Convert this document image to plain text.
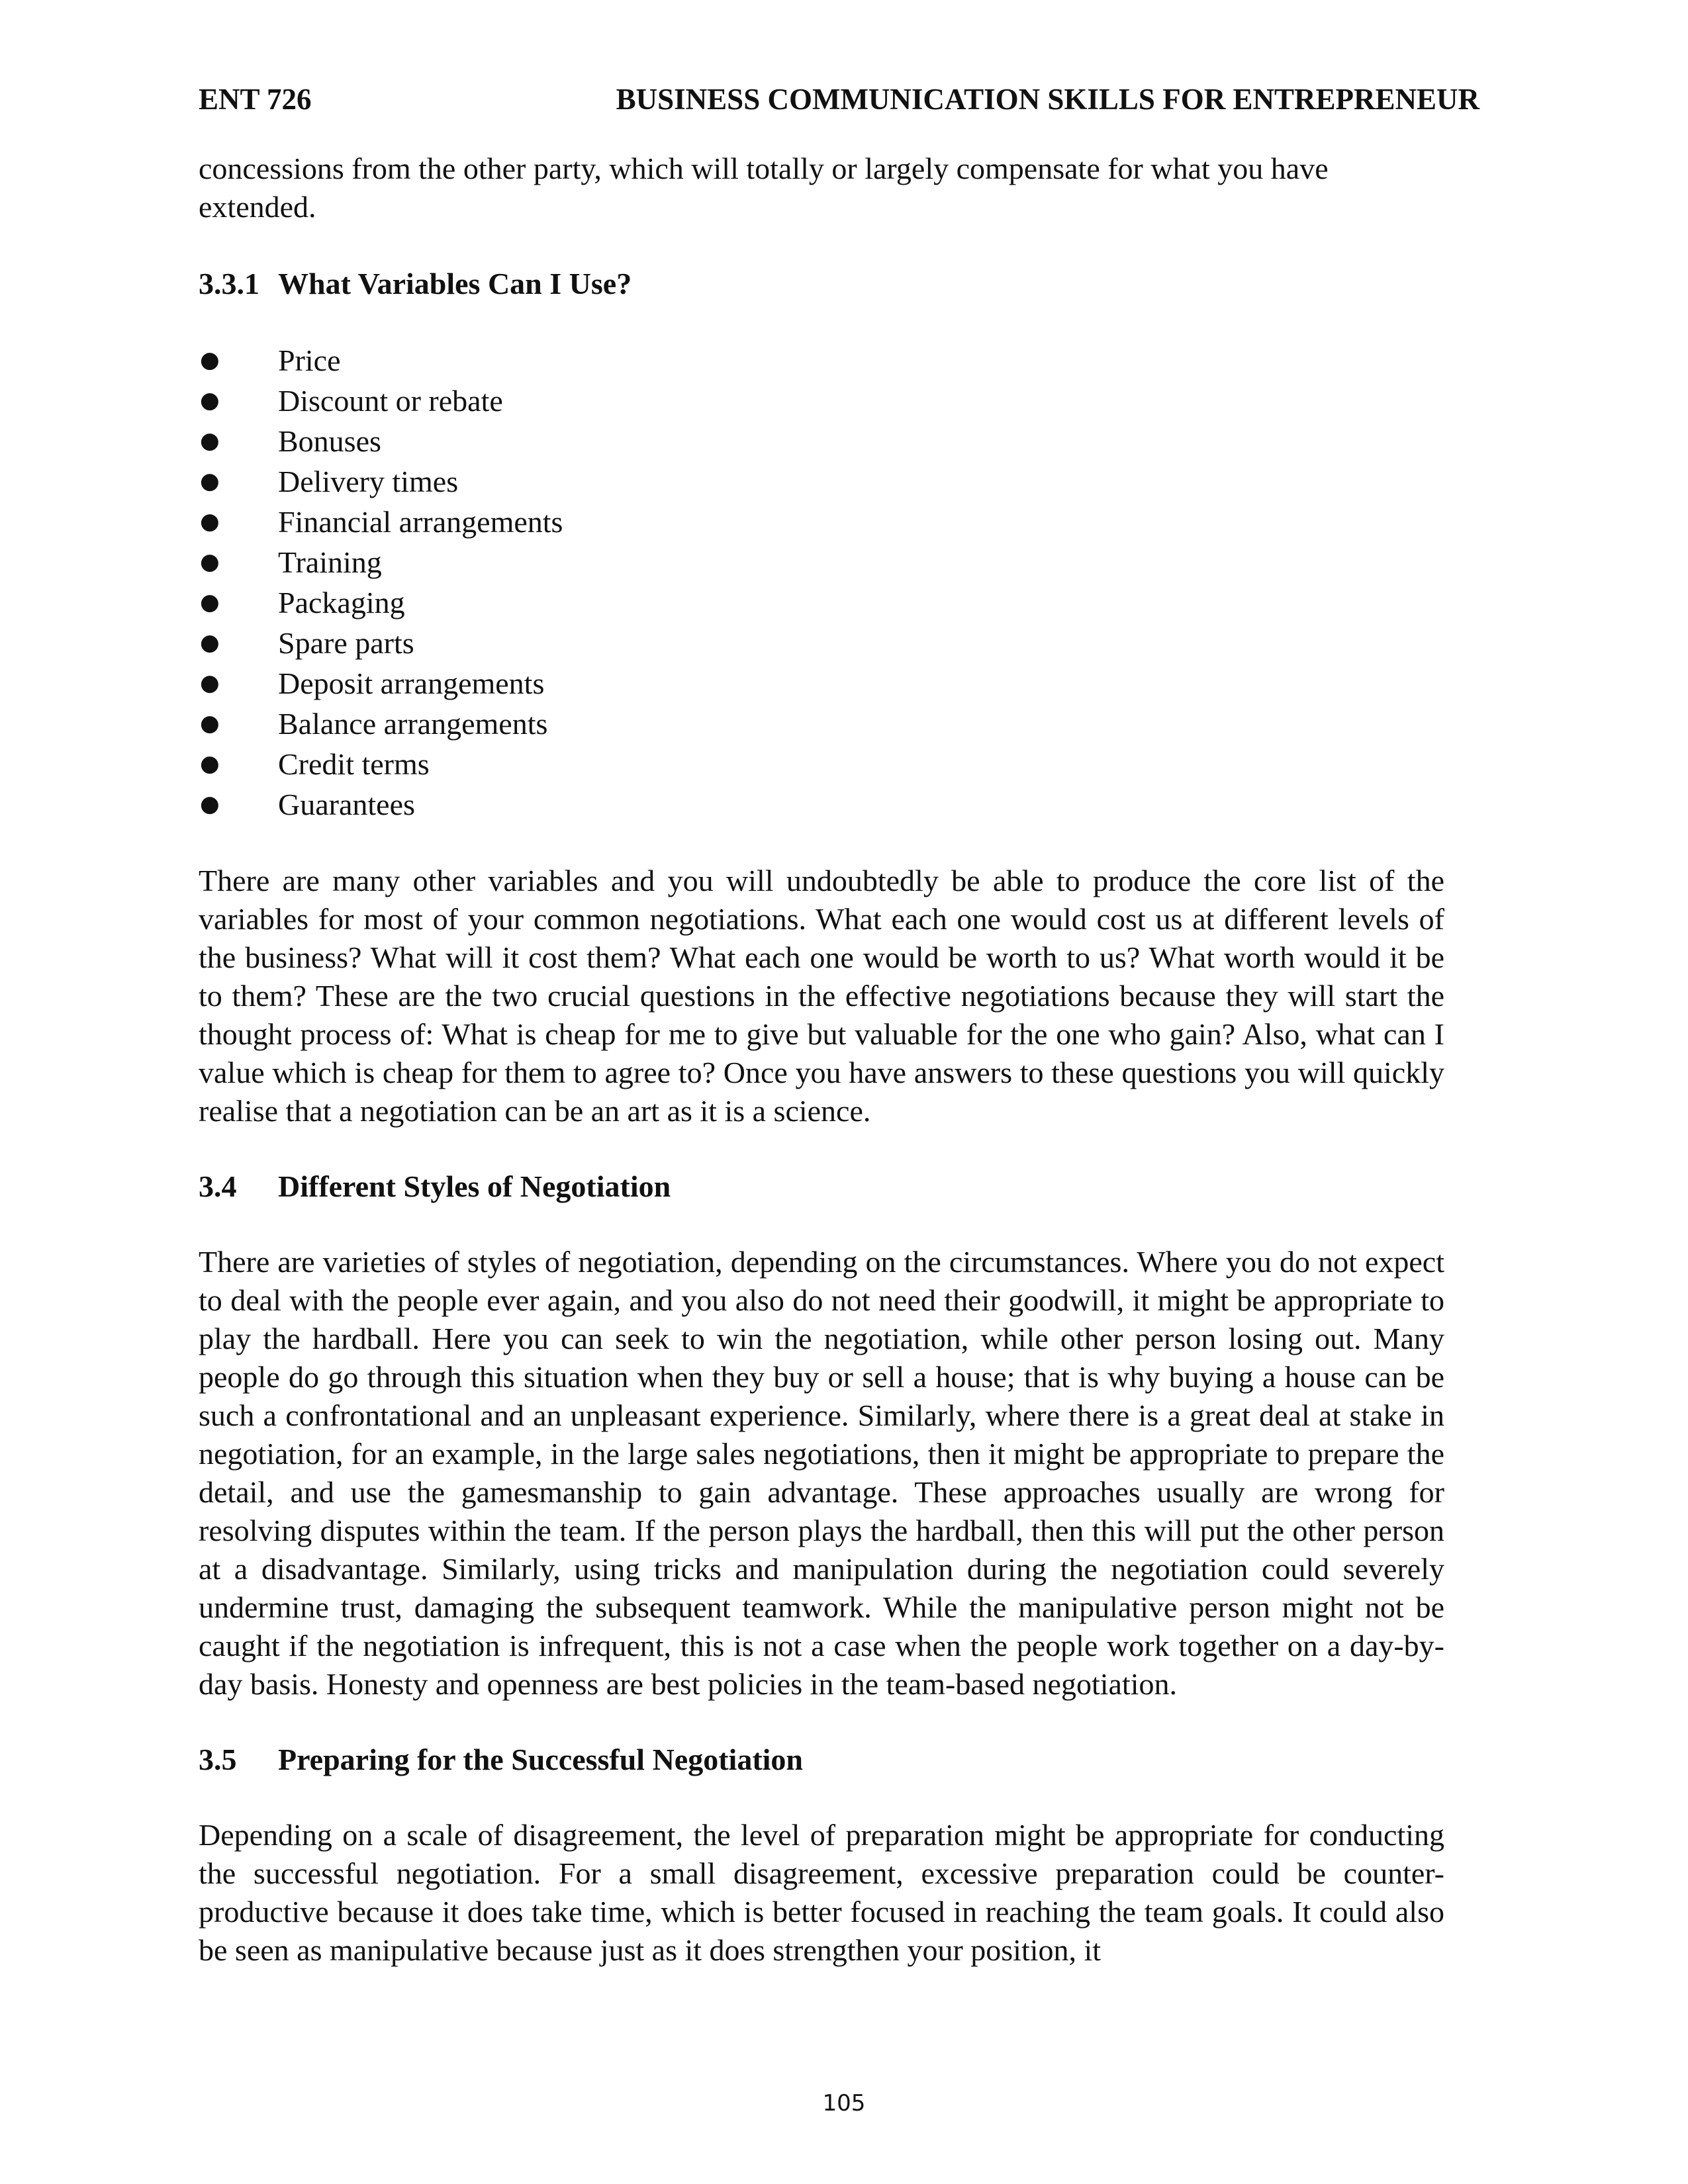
ENT 726	BUSINESS COMMUNICATION SKILLS FOR ENTREPRENEUR

concessions from the other party, which will totally or largely compensate for what you have extended.

3.3.1 What Variables Can I Use?
● Price
● Discount or rebate
● Bonuses
● Delivery times
● Financial arrangements
● Training
● Packaging
● Spare parts
● Deposit arrangements
● Balance arrangements
● Credit terms
● Guarantees

There are many other variables and you will undoubtedly be able to produce the core list of the variables for most of your common negotiations. What each one would cost us at different levels of the business? What will it cost them? What each one would be worth to us? What worth would it be to them? These are the two crucial questions in the effective negotiations because they will start the thought process of: What is cheap for me to give but valuable for the one who gain? Also, what can I value which is cheap for them to agree to? Once you have answers to these questions you will quickly realise that a negotiation can be an art as it is a science.

3.4 Different Styles of Negotiation

There are varieties of styles of negotiation, depending on the circumstances. Where you do not expect to deal with the people ever again, and you also do not need their goodwill, it might be appropriate to play the hardball. Here you can seek to win the negotiation, while other person losing out. Many people do go through this situation when they buy or sell a house; that is why buying a house can be such a confrontational and an unpleasant experience. Similarly, where there is a great deal at stake in negotiation, for an example, in the large sales negotiations, then it might be appropriate to prepare the detail, and use the gamesmanship to gain advantage. These approaches usually are wrong for resolving disputes within the team. If the person plays the hardball, then this will put the other person at a disadvantage. Similarly, using tricks and manipulation during the negotiation could severely undermine trust, damaging the subsequent teamwork. While the manipulative person might not be caught if the negotiation is infrequent, this is not a case when the people work together on a day-by-day basis. Honesty and openness are best policies in the team-based negotiation.

3.5 Preparing for the Successful Negotiation

Depending on a scale of disagreement, the level of preparation might be appropriate for conducting the successful negotiation. For a small disagreement, excessive preparation could be counter-productive because it does take time, which is better focused in reaching the team goals. It could also be seen as manipulative because just as it does strengthen your position, it

105
